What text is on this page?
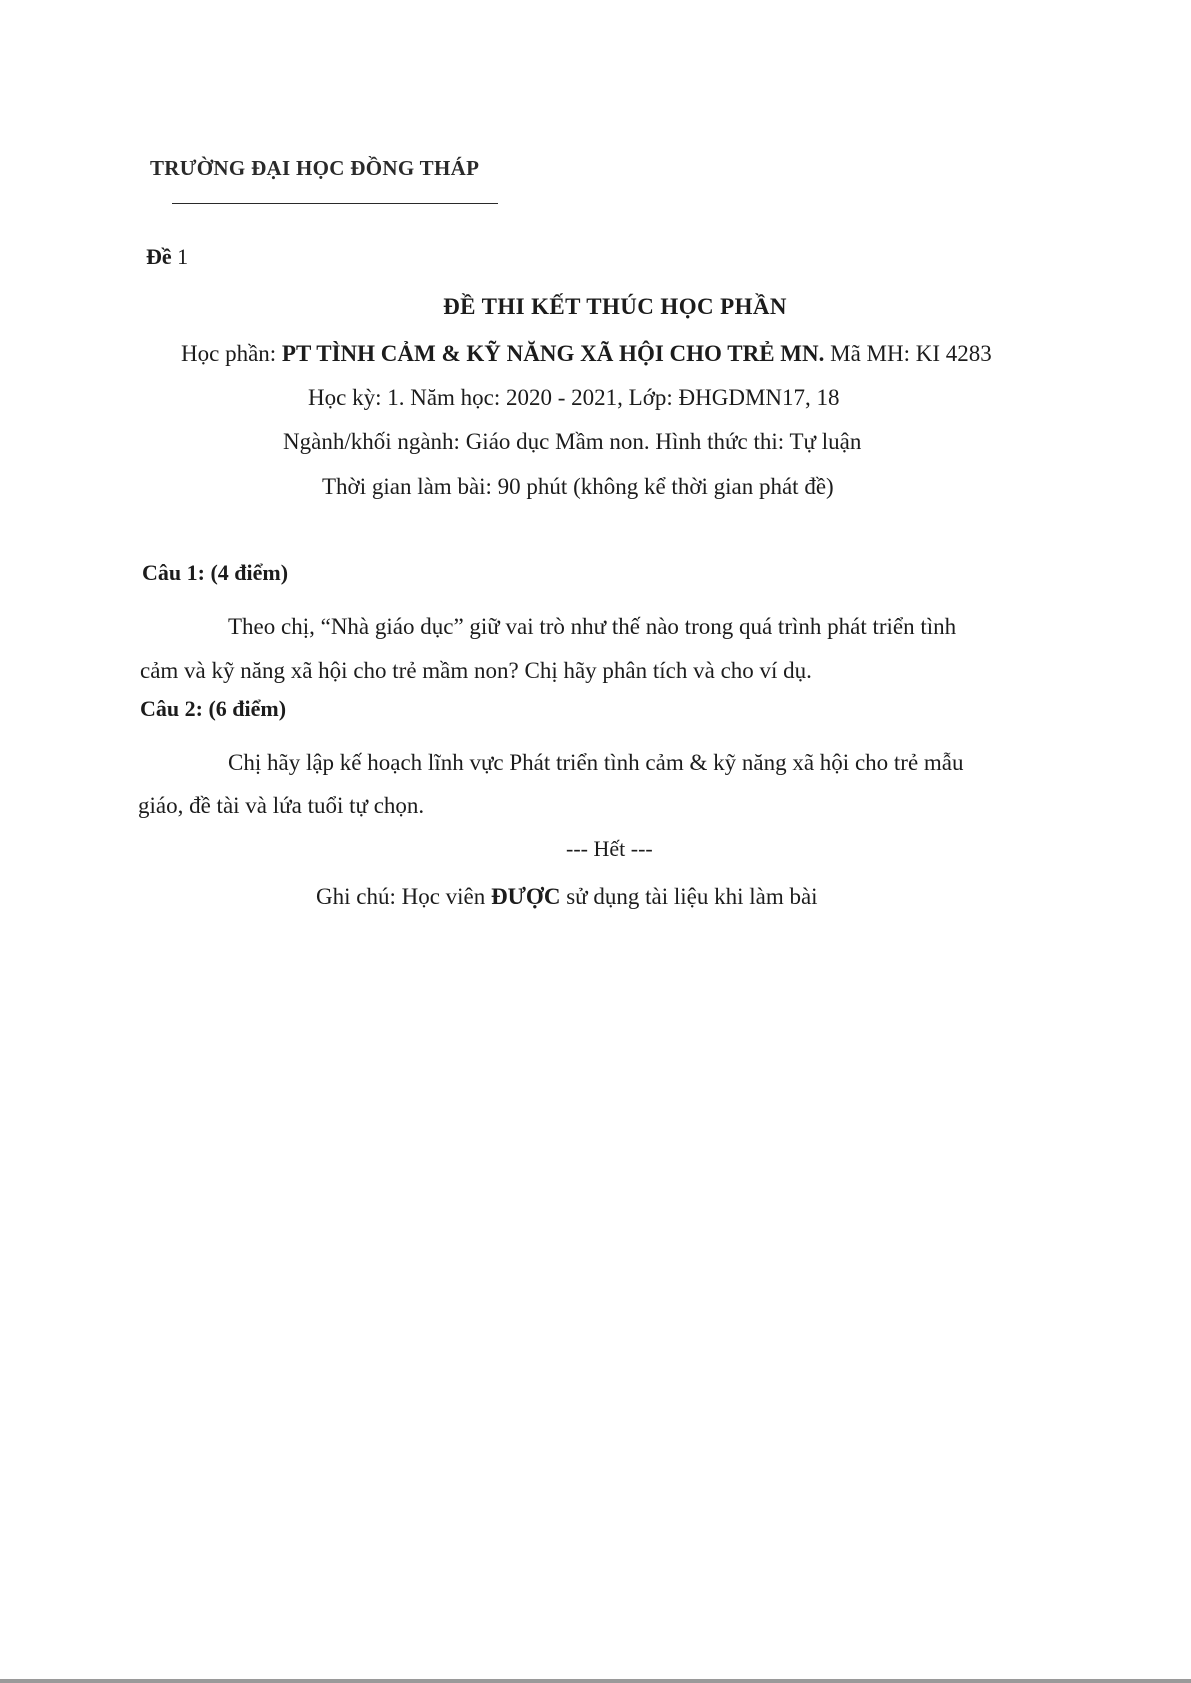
TRƯỜNG ĐẠI HỌC ĐỒNG THÁP
Đề 1
ĐỀ THI KẾT THÚC HỌC PHẦN
Học phần: PT TÌNH CẢM & KỸ NĂNG XÃ HỘI CHO TRẺ MN. Mã MH: KI 4283
Học kỳ: 1. Năm học: 2020 - 2021, Lớp: ĐHGDMN17, 18
Ngành/khối ngành: Giáo dục Mầm non. Hình thức thi: Tự luận
Thời gian làm bài: 90 phút (không kể thời gian phát đề)
Câu 1: (4 điểm)
Theo chị, “Nhà giáo dục” giữ vai trò như thế nào trong quá trình phát triển tình
cảm và kỹ năng xã hội cho trẻ mầm non? Chị hãy phân tích và cho ví dụ.
Câu 2: (6 điểm)
Chị hãy lập kế hoạch lĩnh vực Phát triển tình cảm & kỹ năng xã hội cho trẻ mẫu
giáo, đề tài và lứa tuổi tự chọn.
--- Hết ---
Ghi chú: Học viên ĐƯỢC sử dụng tài liệu khi làm bài
